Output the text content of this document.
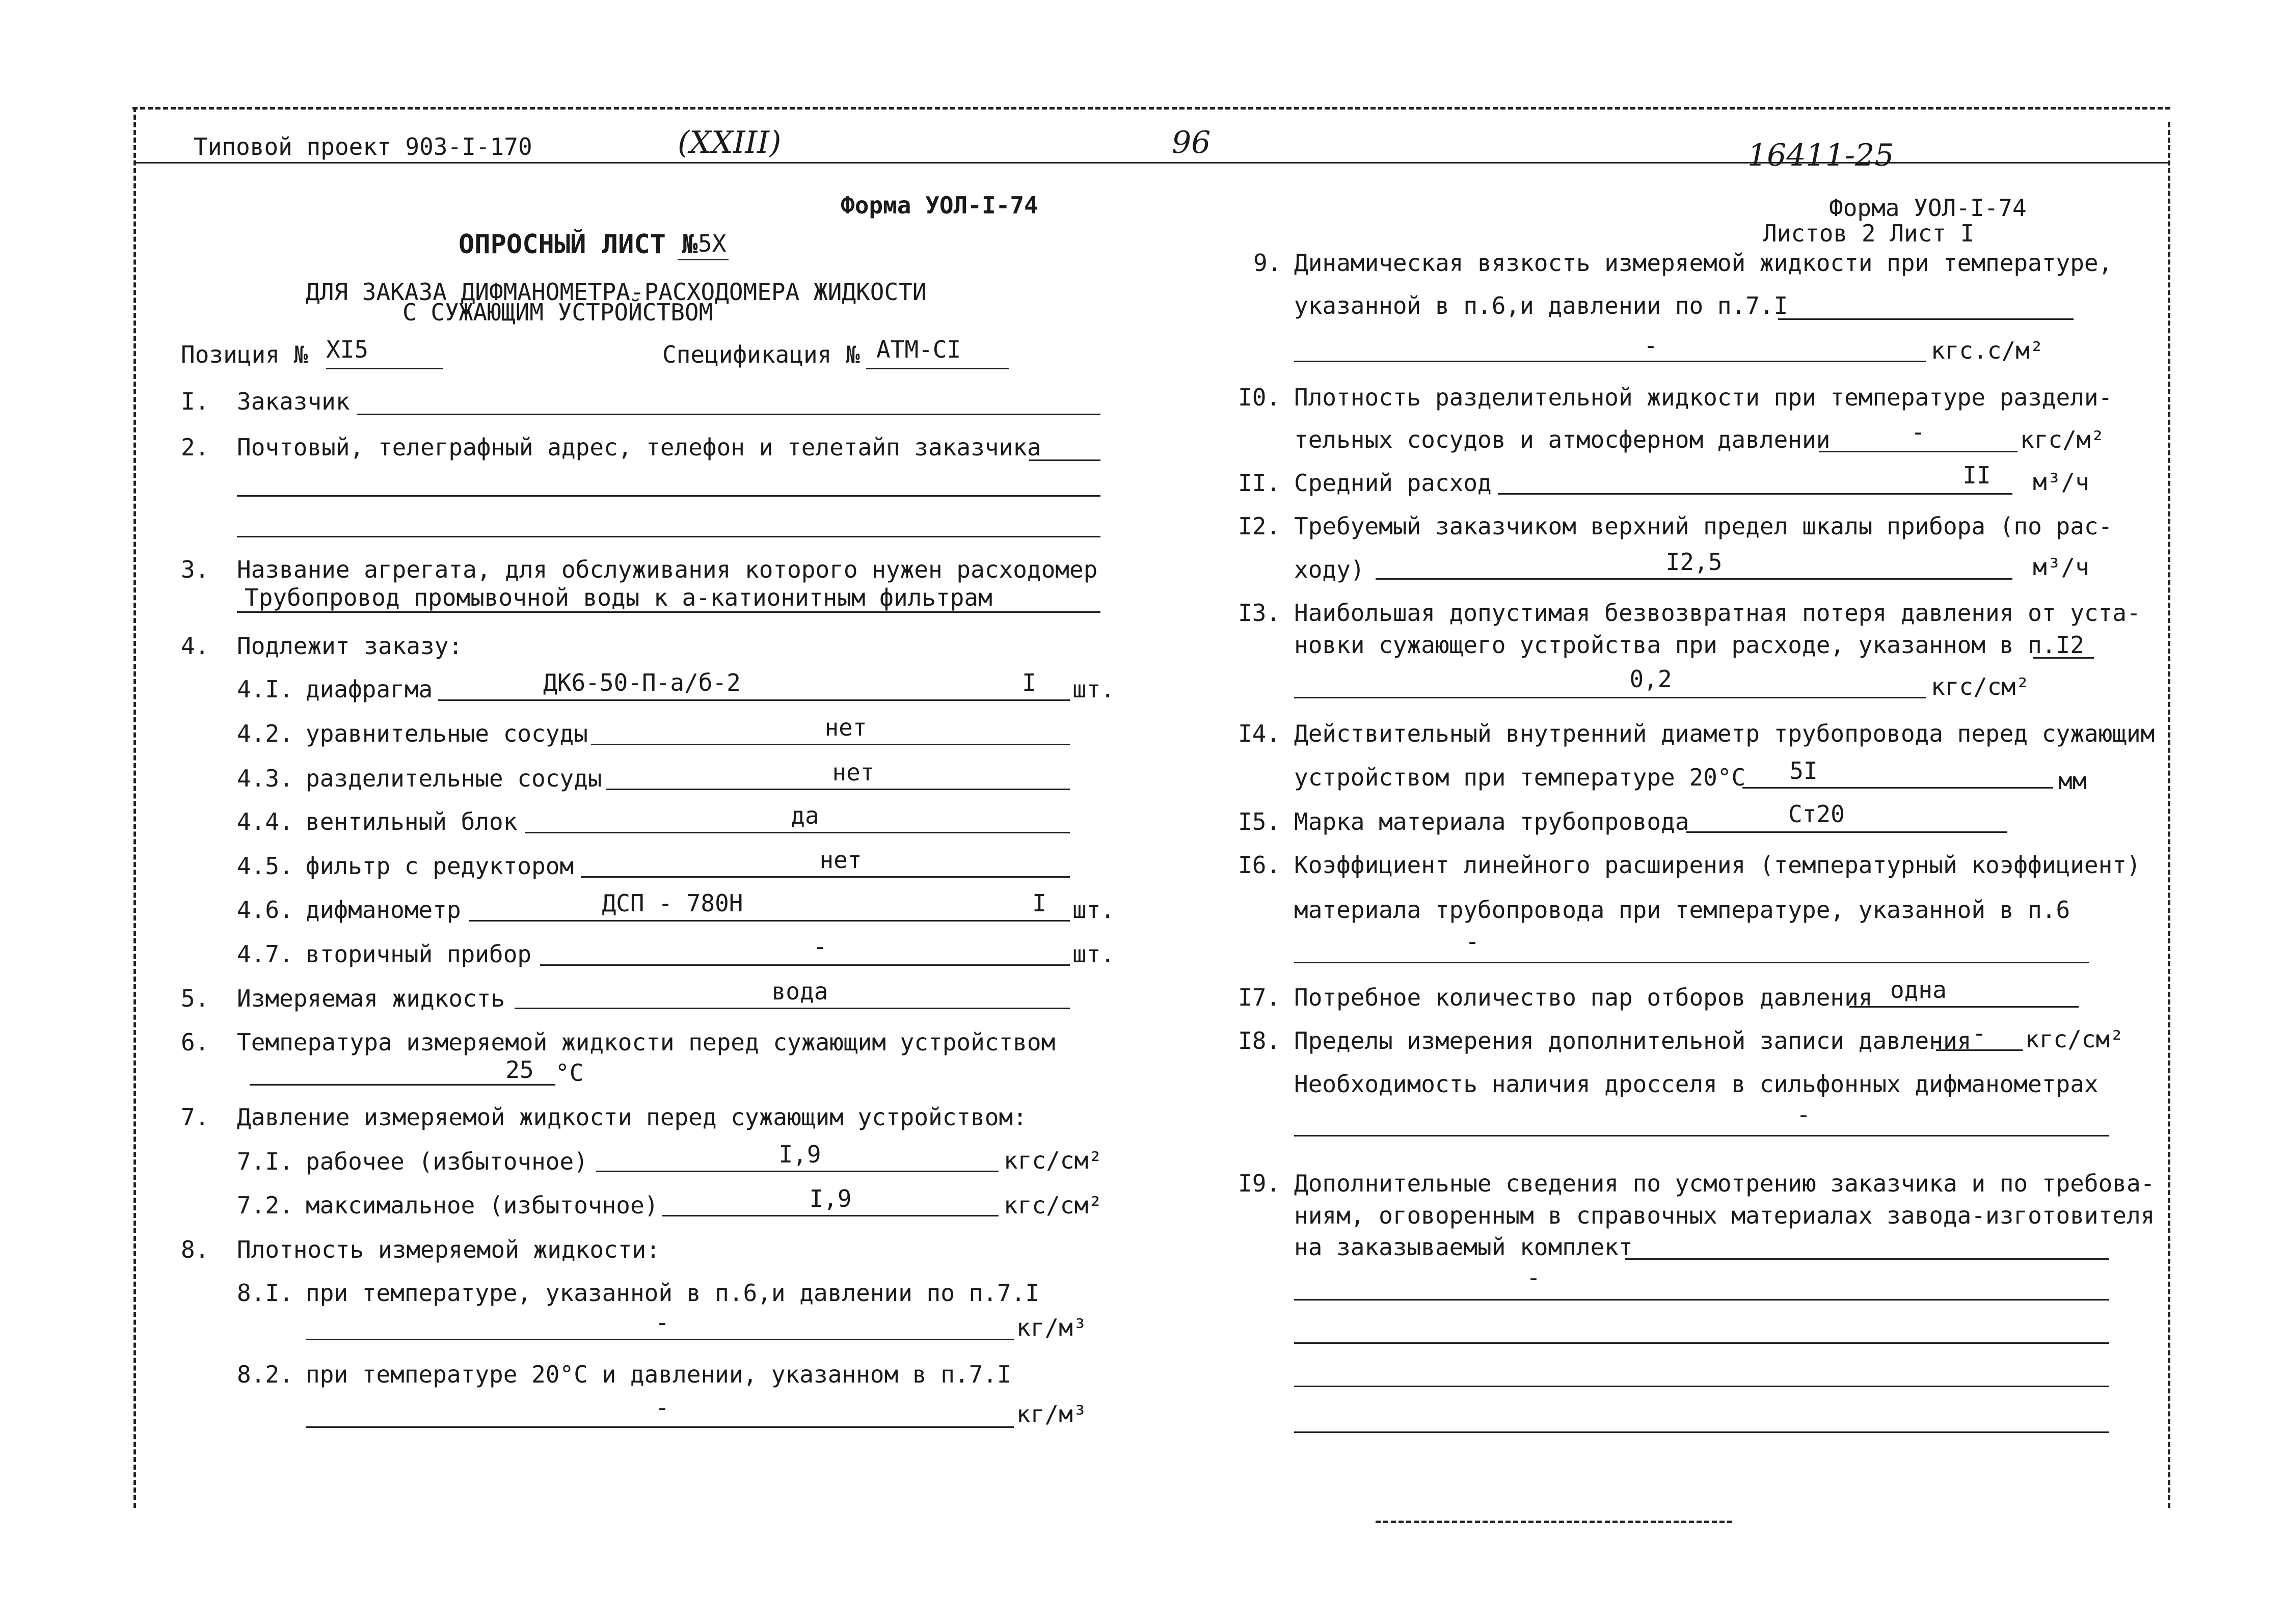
Типовой проект 903-I-170	(XXIII)	96	16411-25
Форма УОЛ-I-74
ОПРОСНЫЙ ЛИСТ № 5X
ДЛЯ ЗАКАЗА ДИФМАНОМЕТРА-РАСХОДОМЕРА ЖИДКОСТИ
С СУЖАЮЩИМ УСТРОЙСТВОМ
Позиция № XI5	Спецификация № АТМ-CI
I. Заказчик
2. Почтовый, телеграфный адрес, телефон и телетайп заказчика
3. Название агрегата, для обслуживания которого нужен расходомер
Трубопровод промывочной воды к а-катионитным фильтрам
4. Подлежит заказу:
4.I. диафрагма	ДК6-50-П-а/б-2	I	шт.
4.2. уравнительные сосуды	нет
4.3. разделительные сосуды	нет
4.4. вентильный блок	да
4.5. фильтр с редуктором	нет
4.6. дифманометр	ДСП - 780Н	I	шт.
4.7. вторичный прибор	-	шт.
5. Измеряемая жидкость	вода
6. Температура измеряемой жидкости перед сужающим устройством
25 °C
7. Давление измеряемой жидкости перед сужающим устройством:
7.I. рабочее (избыточное)	I,9	кгс/см²
7.2. максимальное (избыточное)	I,9	кгс/см²
8. Плотность измеряемой жидкости:
8.I. при температуре, указанной в п.6,и давлении по п.7.I
-	кг/м³
8.2. при температуре 20°C и давлении, указанном в п.7.I
-	кг/м³
Форма УОЛ-I-74
Листов 2 Лист I
9. Динамическая вязкость измеряемой жидкости при температуре,
указанной в п.6,и давлении по п.7.I
-	кгс.с/м²
I0. Плотность разделительной жидкости при температуре раздели-
тельных сосудов и атмосферном давлении	-	кгс/м²
II. Средний расход	II м³/ч
I2. Требуемый заказчиком верхний предел шкалы прибора (по рас-
ходу)	I2,5	м³/ч
I3. Наибольшая допустимая безвозвратная потеря давления от уста-
новки сужающего устройства при расходе, указанном в п.I2
0,2	кгс/см²
I4. Действительный внутренний диаметр трубопровода перед сужающим
устройством при температуре 20°C	5I	мм
I5. Марка материала трубопровода	Ст20
I6. Коэффициент линейного расширения (температурный коэффициент)
материала трубопровода при температуре, указанной в п.6
-
I7. Потребное количество пар отборов давления одна
I8. Пределы измерения дополнительной записи давления -	кгс/см²
Необходимость наличия дросселя в сильфонных дифманометрах
-
I9. Дополнительные сведения по усмотрению заказчика и по требова-
ниям, оговоренным в справочных материалах завода-изготовителя
на заказываемый комплект
-
